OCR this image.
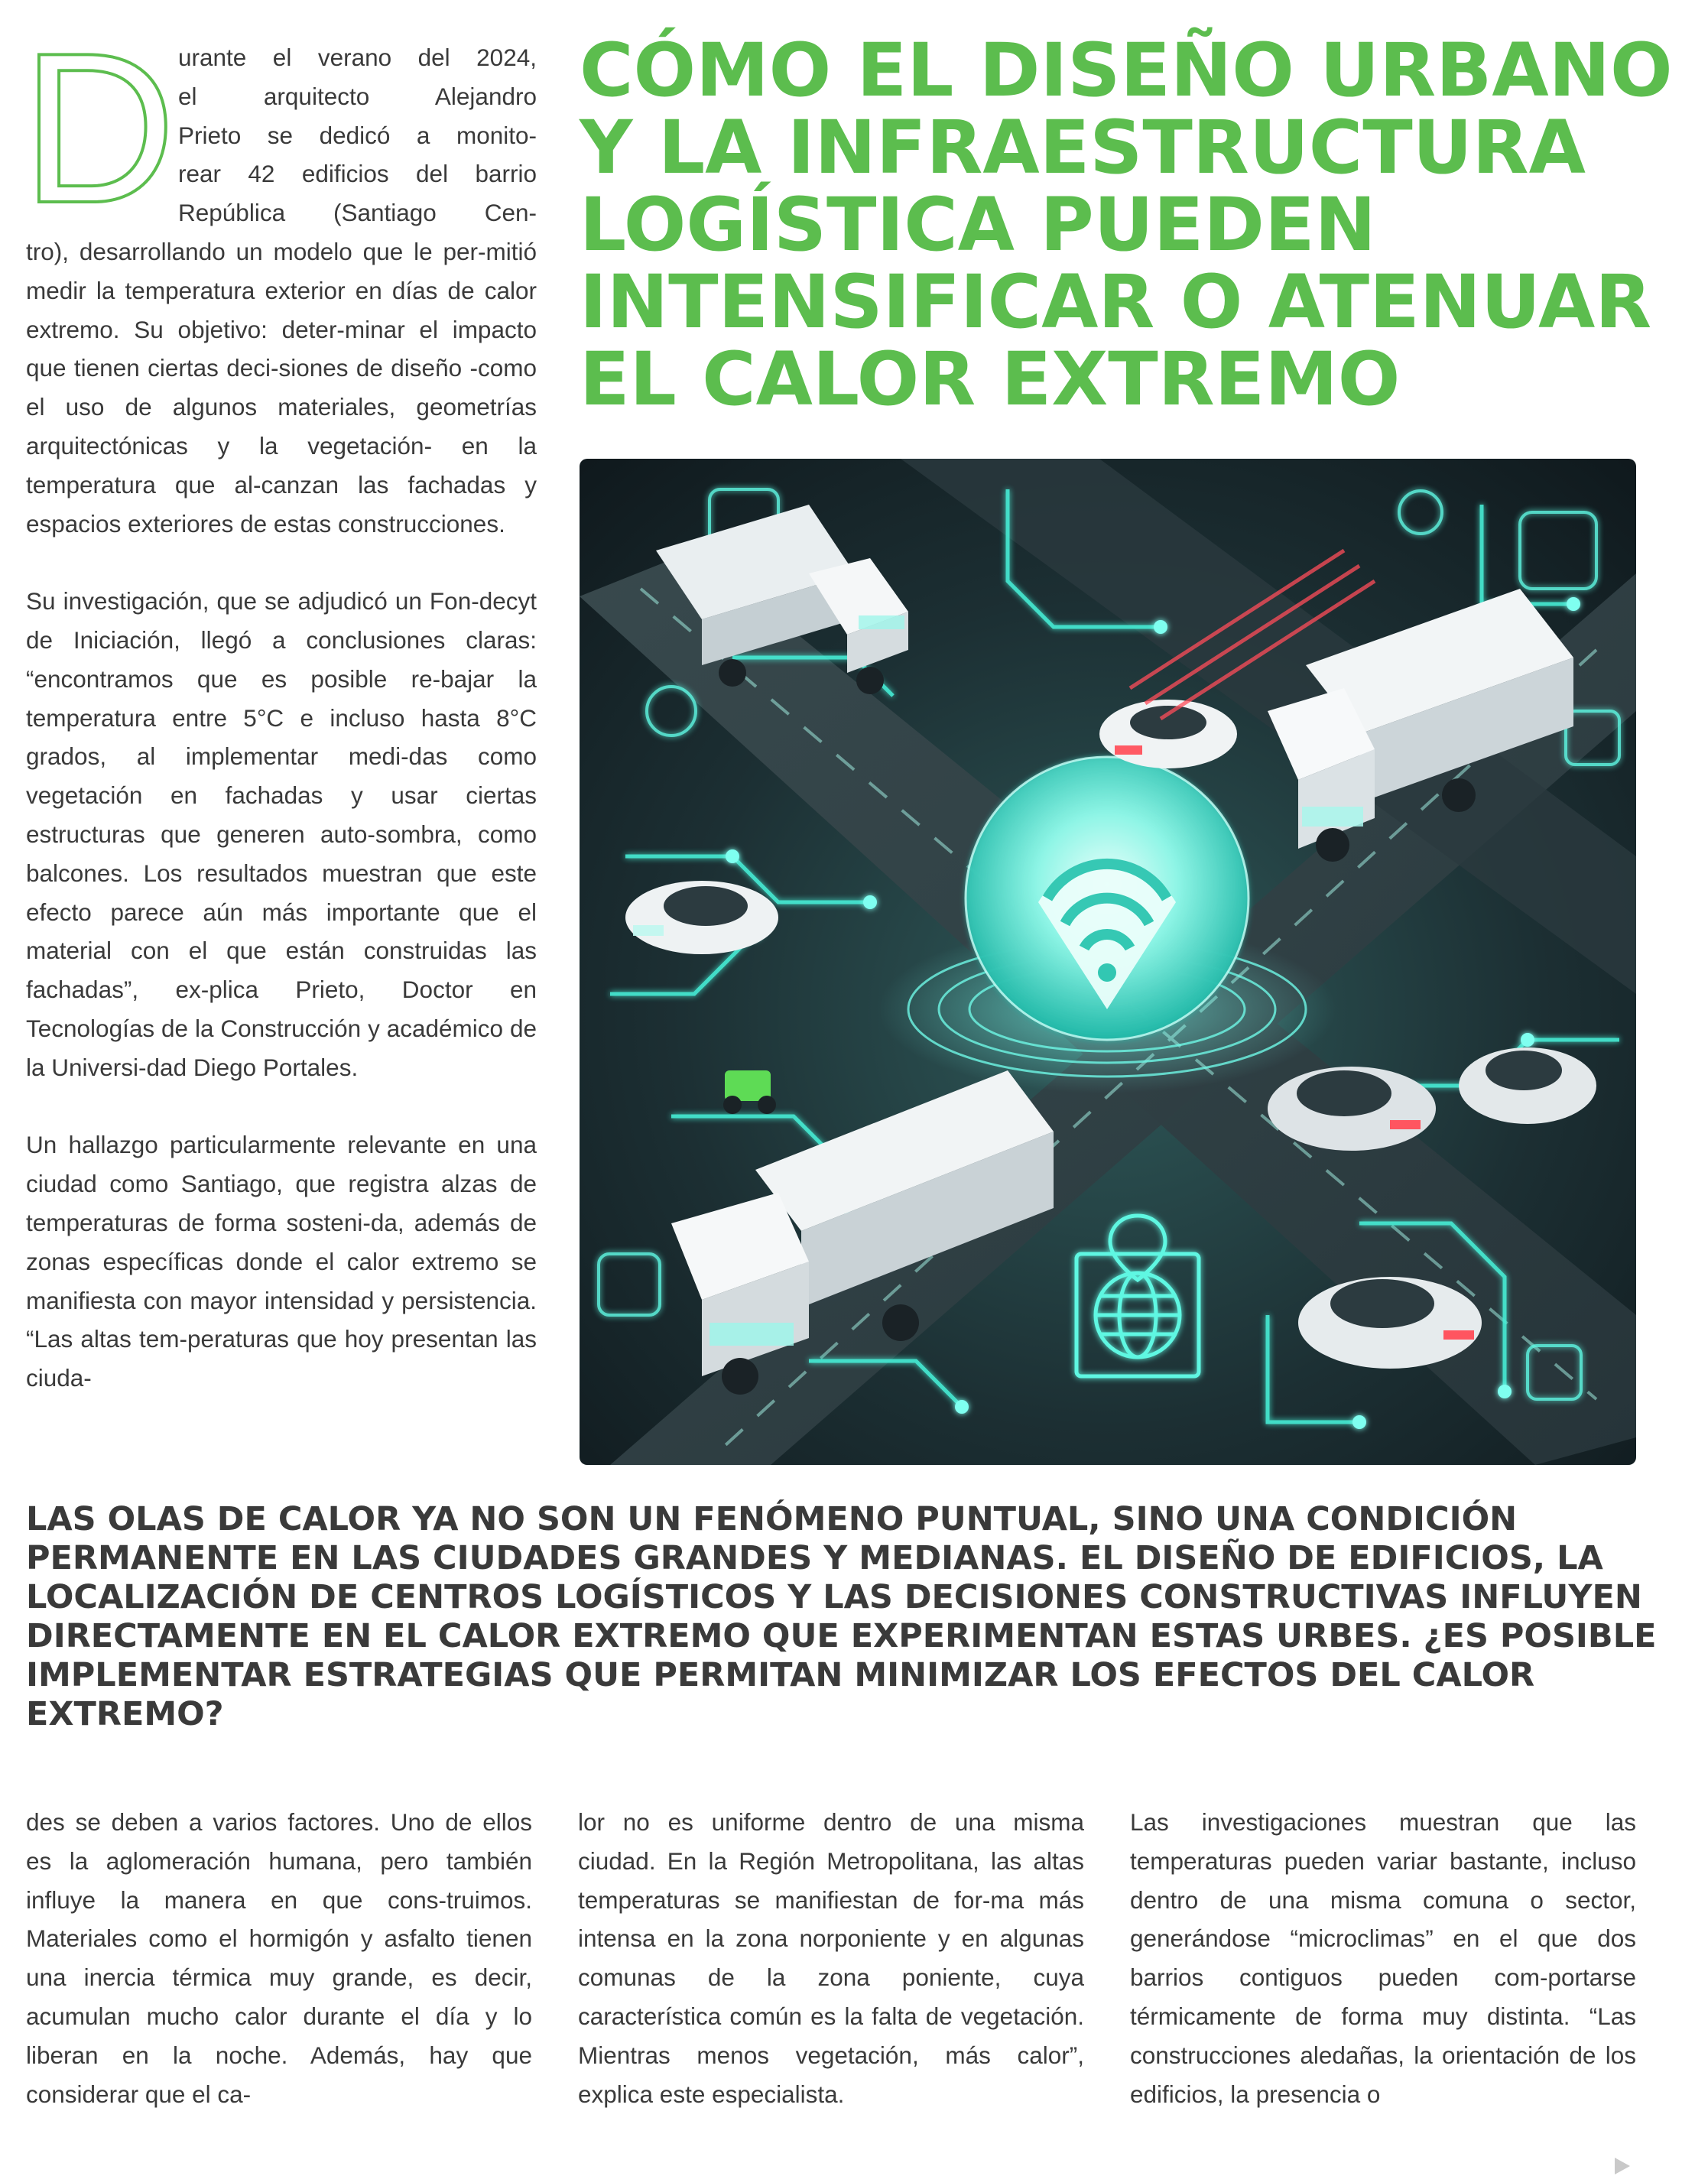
D urante el verano del 2024,
el arquitecto Alejandro
Prieto se dedicó a monito-
rear 42 edificios del barrio
República (Santiago Cen-

tro), desarrollando un modelo que le per-mitió medir la temperatura exterior en días de calor extremo. Su objetivo: deter-minar el impacto que tienen ciertas deci-siones de diseño -como el uso de algunos materiales, geometrías arquitectónicas y la vegetación- en la temperatura que al-canzan las fachadas y espacios exteriores de estas construcciones.

Su investigación, que se adjudicó un Fon-decyt de Iniciación, llegó a conclusiones claras: “encontramos que es posible re-bajar la temperatura entre 5°C e incluso hasta 8°C grados, al implementar medi-das como vegetación en fachadas y usar ciertas estructuras que generen auto-sombra, como balcones. Los resultados muestran que este efecto parece aún más importante que el material con el que están construidas las fachadas”, ex-plica Prieto, Doctor en Tecnologías de la Construcción y académico de la Universi-dad Diego Portales.

Un hallazgo particularmente relevante en una ciudad como Santiago, que registra alzas de temperaturas de forma sosteni-da, además de zonas específicas donde el calor extremo se manifiesta con mayor intensidad y persistencia. “Las altas tem-peraturas que hoy presentan las ciuda-

CÓMO EL DISEÑO URBANO
Y LA INFRAESTRUCTURA
LOGÍSTICA PUEDEN
INTENSIFICAR O ATENUAR
EL CALOR EXTREMO

LAS OLAS DE CALOR YA NO SON UN FENÓMENO PUNTUAL, SINO UNA CONDICIÓN PERMANENTE EN LAS CIUDADES GRANDES Y MEDIANAS. EL DISEÑO DE EDIFICIOS, LA LOCALIZACIÓN DE CENTROS LOGÍSTICOS Y LAS DECISIONES CONSTRUCTIVAS INFLUYEN DIRECTAMENTE EN EL CALOR EXTREMO QUE EXPERIMENTAN ESTAS URBES. ¿ES POSIBLE IMPLEMENTAR ESTRATEGIAS QUE PERMITAN MINIMIZAR LOS EFECTOS DEL CALOR EXTREMO?

des se deben a varios factores. Uno de ellos es la aglomeración humana, pero también influye la manera en que cons-truimos. Materiales como el hormigón y asfalto tienen una inercia térmica muy grande, es decir, acumulan mucho calor durante el día y lo liberan en la noche. Además, hay que considerar que el ca-

lor no es uniforme dentro de una misma ciudad. En la Región Metropolitana, las altas temperaturas se manifiestan de for-ma más intensa en la zona norponiente y en algunas comunas de la zona poniente, cuya característica común es la falta de vegetación. Mientras menos vegetación, más calor”, explica este especialista.

Las investigaciones muestran que las temperaturas pueden variar bastante, incluso dentro de una misma comuna o sector, generándose “microclimas” en el que dos barrios contiguos pueden com-portarse térmicamente de forma muy distinta. “Las construcciones aledañas, la orientación de los edificios, la presencia o
